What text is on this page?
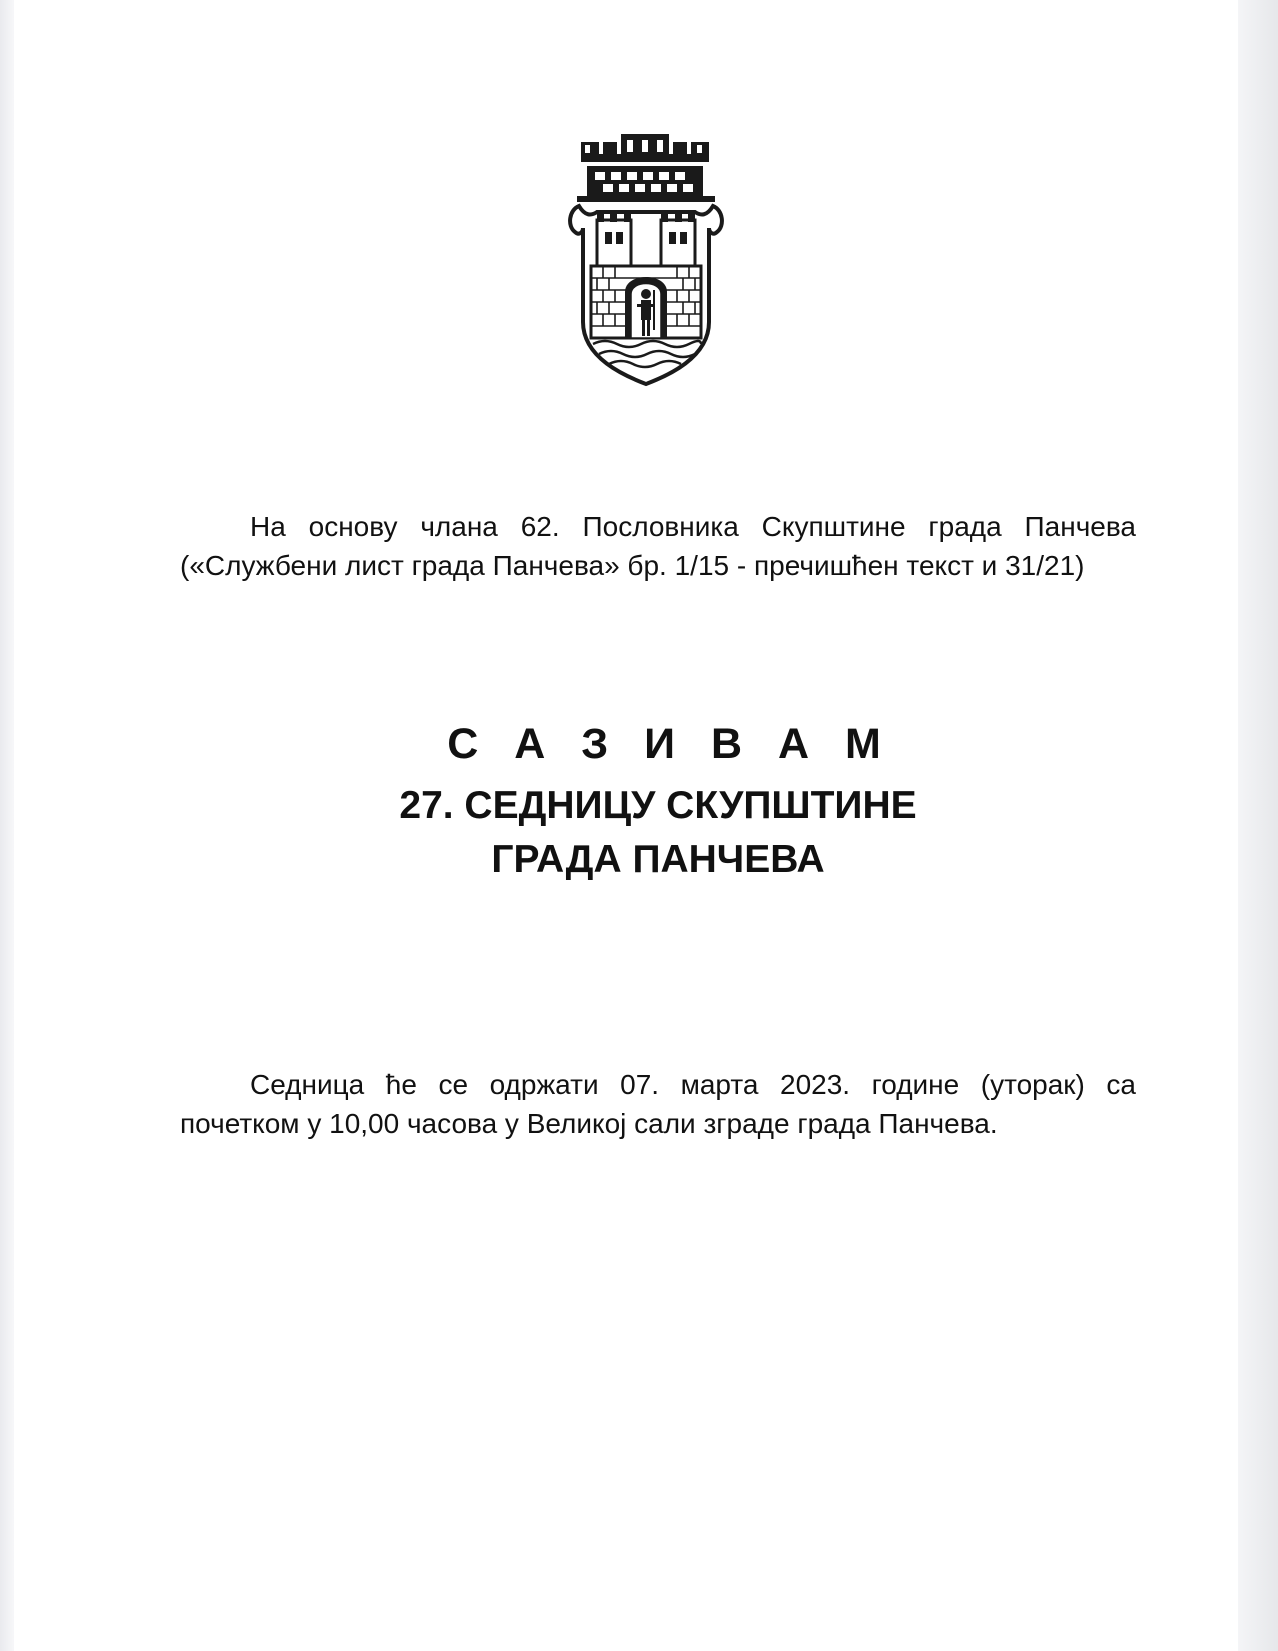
На основу члана 62. Пословника Скупштине града Панчева («Службени лист града Панчева» бр. 1/15 - пречишћен текст и 31/21)
С А З И В А М
27. СЕДНИЦУ СКУПШТИНЕ
ГРАДА ПАНЧЕВА
Седница ће се одржати 07. марта 2023. године (уторак) са почетком у 10,00 часова у Великој сали зграде града Панчева.
